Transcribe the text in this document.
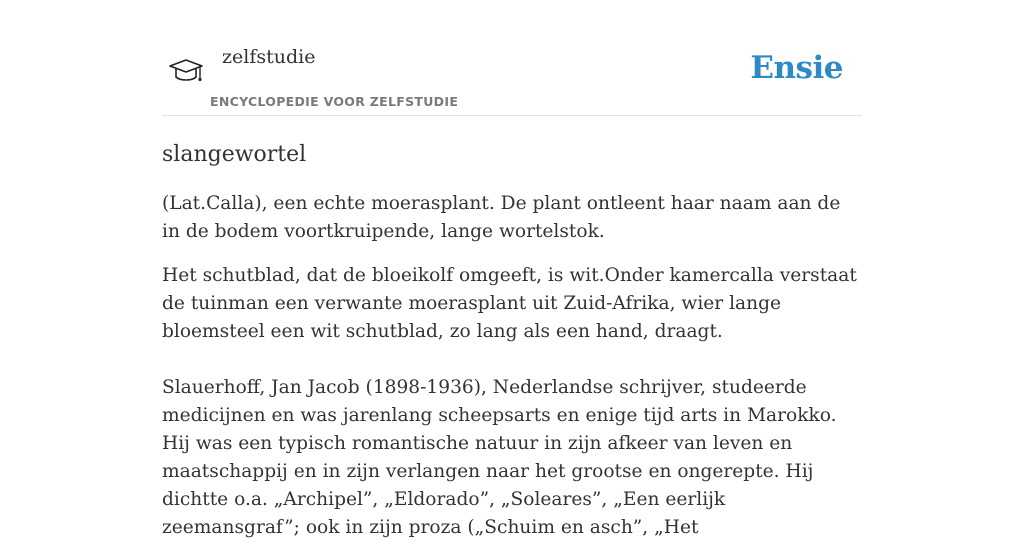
zelfstudie
ENCYCLOPEDIE VOOR ZELFSTUDIE
Ensie
slangewortel

(Lat.Calla), een echte moerasplant. De plant ontleent haar naam aan de in de bodem voortkruipende, lange wortelstok.

Het schutblad, dat de bloeikolf omgeeft, is wit.Onder kamercalla verstaat de tuinman een verwante moerasplant uit Zuid-Afrika, wier lange bloemsteel een wit schutblad, zo lang als een hand, draagt.

Slauerhoff, Jan Jacob (1898-1936), Nederlandse schrijver, studeerde medicijnen en was jarenlang scheepsarts en enige tijd arts in Marokko. Hij was een typisch romantische natuur in zijn afkeer van leven en maatschappij en in zijn verlangen naar het grootse en ongerepte. Hij dichtte o.a. „Archipel”, „Eldorado”, „Soleares”, „Een eerlijk zeemansgraf”; ook in zijn proza („Schuim en asch”, „Het
